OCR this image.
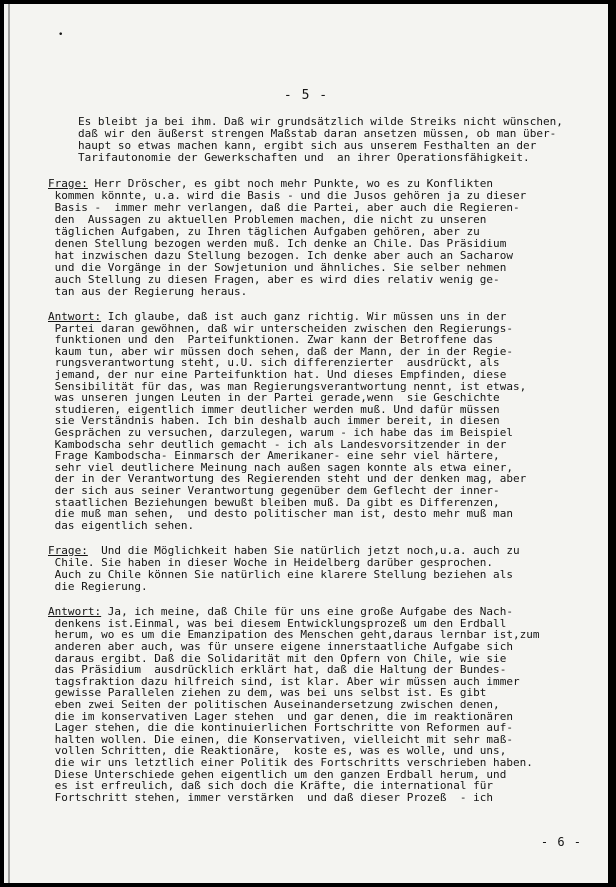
•
- 5 -
Es bleibt ja bei ihm. Daß wir grundsätzlich wilde Streiks nicht wünschen,
daß wir den äußerst strengen Maßstab daran ansetzen müssen, ob man über-
haupt so etwas machen kann, ergibt sich aus unserem Festhalten an der
Tarifautonomie der Gewerkschaften und  an ihrer Operationsfähigkeit.
Frage: Herr Dröscher, es gibt noch mehr Punkte, wo es zu Konflikten
kommen könnte, u.a. wird die Basis - und die Jusos gehören ja zu dieser
Basis -  immer mehr verlangen, daß die Partei, aber auch die Regieren-
den  Aussagen zu aktuellen Problemen machen, die nicht zu unseren
täglichen Aufgaben, zu Ihren täglichen Aufgaben gehören, aber zu
denen Stellung bezogen werden muß. Ich denke an Chile. Das Präsidium
hat inzwischen dazu Stellung bezogen. Ich denke aber auch an Sacharow
und die Vorgänge in der Sowjetunion und ähnliches. Sie selber nehmen
auch Stellung zu diesen Fragen, aber es wird dies relativ wenig ge-
tan aus der Regierung heraus.
Antwort: Ich glaube, daß ist auch ganz richtig. Wir müssen uns in der
Partei daran gewöhnen, daß wir unterscheiden zwischen den Regierungs-
funktionen und den  Parteifunktionen. Zwar kann der Betroffene das
kaum tun, aber wir müssen doch sehen, daß der Mann, der in der Regie-
rungsverantwortung steht, u.U. sich differenzierter  ausdrückt, als
jemand, der nur eine Parteifunktion hat. Und dieses Empfinden, diese
Sensibilität für das, was man Regierungsverantwortung nennt, ist etwas,
was unseren jungen Leuten in der Partei gerade,wenn  sie Geschichte
studieren, eigentlich immer deutlicher werden muß. Und dafür müssen
sie Verständnis haben. Ich bin deshalb auch immer bereit, in diesen
Gesprächen zu versuchen, darzulegen, warum - ich habe das im Beispiel
Kambodscha sehr deutlich gemacht - ich als Landesvorsitzender in der
Frage Kambodscha- Einmarsch der Amerikaner- eine sehr viel härtere,
sehr viel deutlichere Meinung nach außen sagen konnte als etwa einer,
der in der Verantwortung des Regierenden steht und der denken mag, aber
der sich aus seiner Verantwortung gegenüber dem Geflecht der inner-
staatlichen Beziehungen bewußt bleiben muß. Da gibt es Differenzen,
die muß man sehen,  und desto politischer man ist, desto mehr muß man
das eigentlich sehen.
Frage:  Und die Möglichkeit haben Sie natürlich jetzt noch,u.a. auch zu
Chile. Sie haben in dieser Woche in Heidelberg darüber gesprochen.
Auch zu Chile können Sie natürlich eine klarere Stellung beziehen als
die Regierung.
Antwort: Ja, ich meine, daß Chile für uns eine große Aufgabe des Nach-
denkens ist.Einmal, was bei diesem Entwicklungsprozeß um den Erdball
herum, wo es um die Emanzipation des Menschen geht,daraus lernbar ist,zum
anderen aber auch, was für unsere eigene innerstaatliche Aufgabe sich
daraus ergibt. Daß die Solidarität mit den Opfern von Chile, wie sie
das Präsidium  ausdrücklich erklärt hat, daß die Haltung der Bundes-
tagsfraktion dazu hilfreich sind, ist klar. Aber wir müssen auch immer
gewisse Parallelen ziehen zu dem, was bei uns selbst ist. Es gibt
eben zwei Seiten der politischen Auseinandersetzung zwischen denen,
die im konservativen Lager stehen  und gar denen, die im reaktionären
Lager stehen, die die kontinuierlichen Fortschritte von Reformen auf-
halten wollen. Die einen, die Konservativen, vielleicht mit sehr maß-
vollen Schritten, die Reaktionäre,  koste es, was es wolle, und uns,
die wir uns letztlich einer Politik des Fortschritts verschrieben haben.
Diese Unterschiede gehen eigentlich um den ganzen Erdball herum, und
es ist erfreulich, daß sich doch die Kräfte, die international für
Fortschritt stehen, immer verstärken  und daß dieser Prozeß  - ich
- 6 -
